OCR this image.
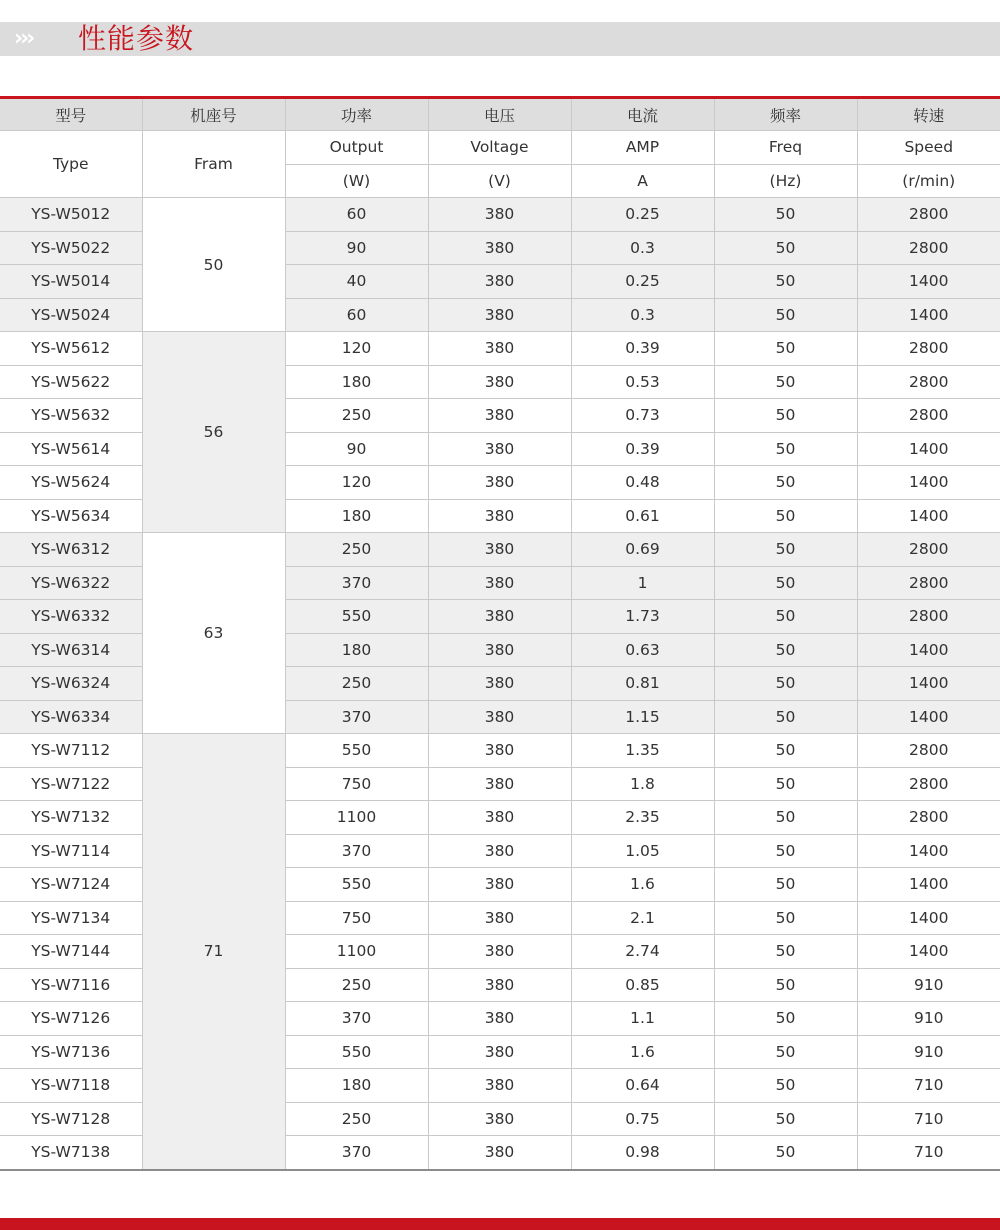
›››	性能参数
型号	机座号	功率	电压	电流	频率	转速
Type	Fram	Output	Voltage	AMP	Freq	Speed
		(W)	(V)	A	(Hz)	(r/min)
YS-W5012	50	60	380	0.25	50	2800
YS-W5022		90	380	0.3	50	2800
YS-W5014		40	380	0.25	50	1400
YS-W5024		60	380	0.3	50	1400
YS-W5612	56	120	380	0.39	50	2800
YS-W5622		180	380	0.53	50	2800
YS-W5632		250	380	0.73	50	2800
YS-W5614		90	380	0.39	50	1400
YS-W5624		120	380	0.48	50	1400
YS-W5634		180	380	0.61	50	1400
YS-W6312	63	250	380	0.69	50	2800
YS-W6322		370	380	1	50	2800
YS-W6332		550	380	1.73	50	2800
YS-W6314		180	380	0.63	50	1400
YS-W6324		250	380	0.81	50	1400
YS-W6334		370	380	1.15	50	1400
YS-W7112	71	550	380	1.35	50	2800
YS-W7122		750	380	1.8	50	2800
YS-W7132		1100	380	2.35	50	2800
YS-W7114		370	380	1.05	50	1400
YS-W7124		550	380	1.6	50	1400
YS-W7134		750	380	2.1	50	1400
YS-W7144		1100	380	2.74	50	1400
YS-W7116		250	380	0.85	50	910
YS-W7126		370	380	1.1	50	910
YS-W7136		550	380	1.6	50	910
YS-W7118		180	380	0.64	50	710
YS-W7128		250	380	0.75	50	710
YS-W7138		370	380	0.98	50	710
